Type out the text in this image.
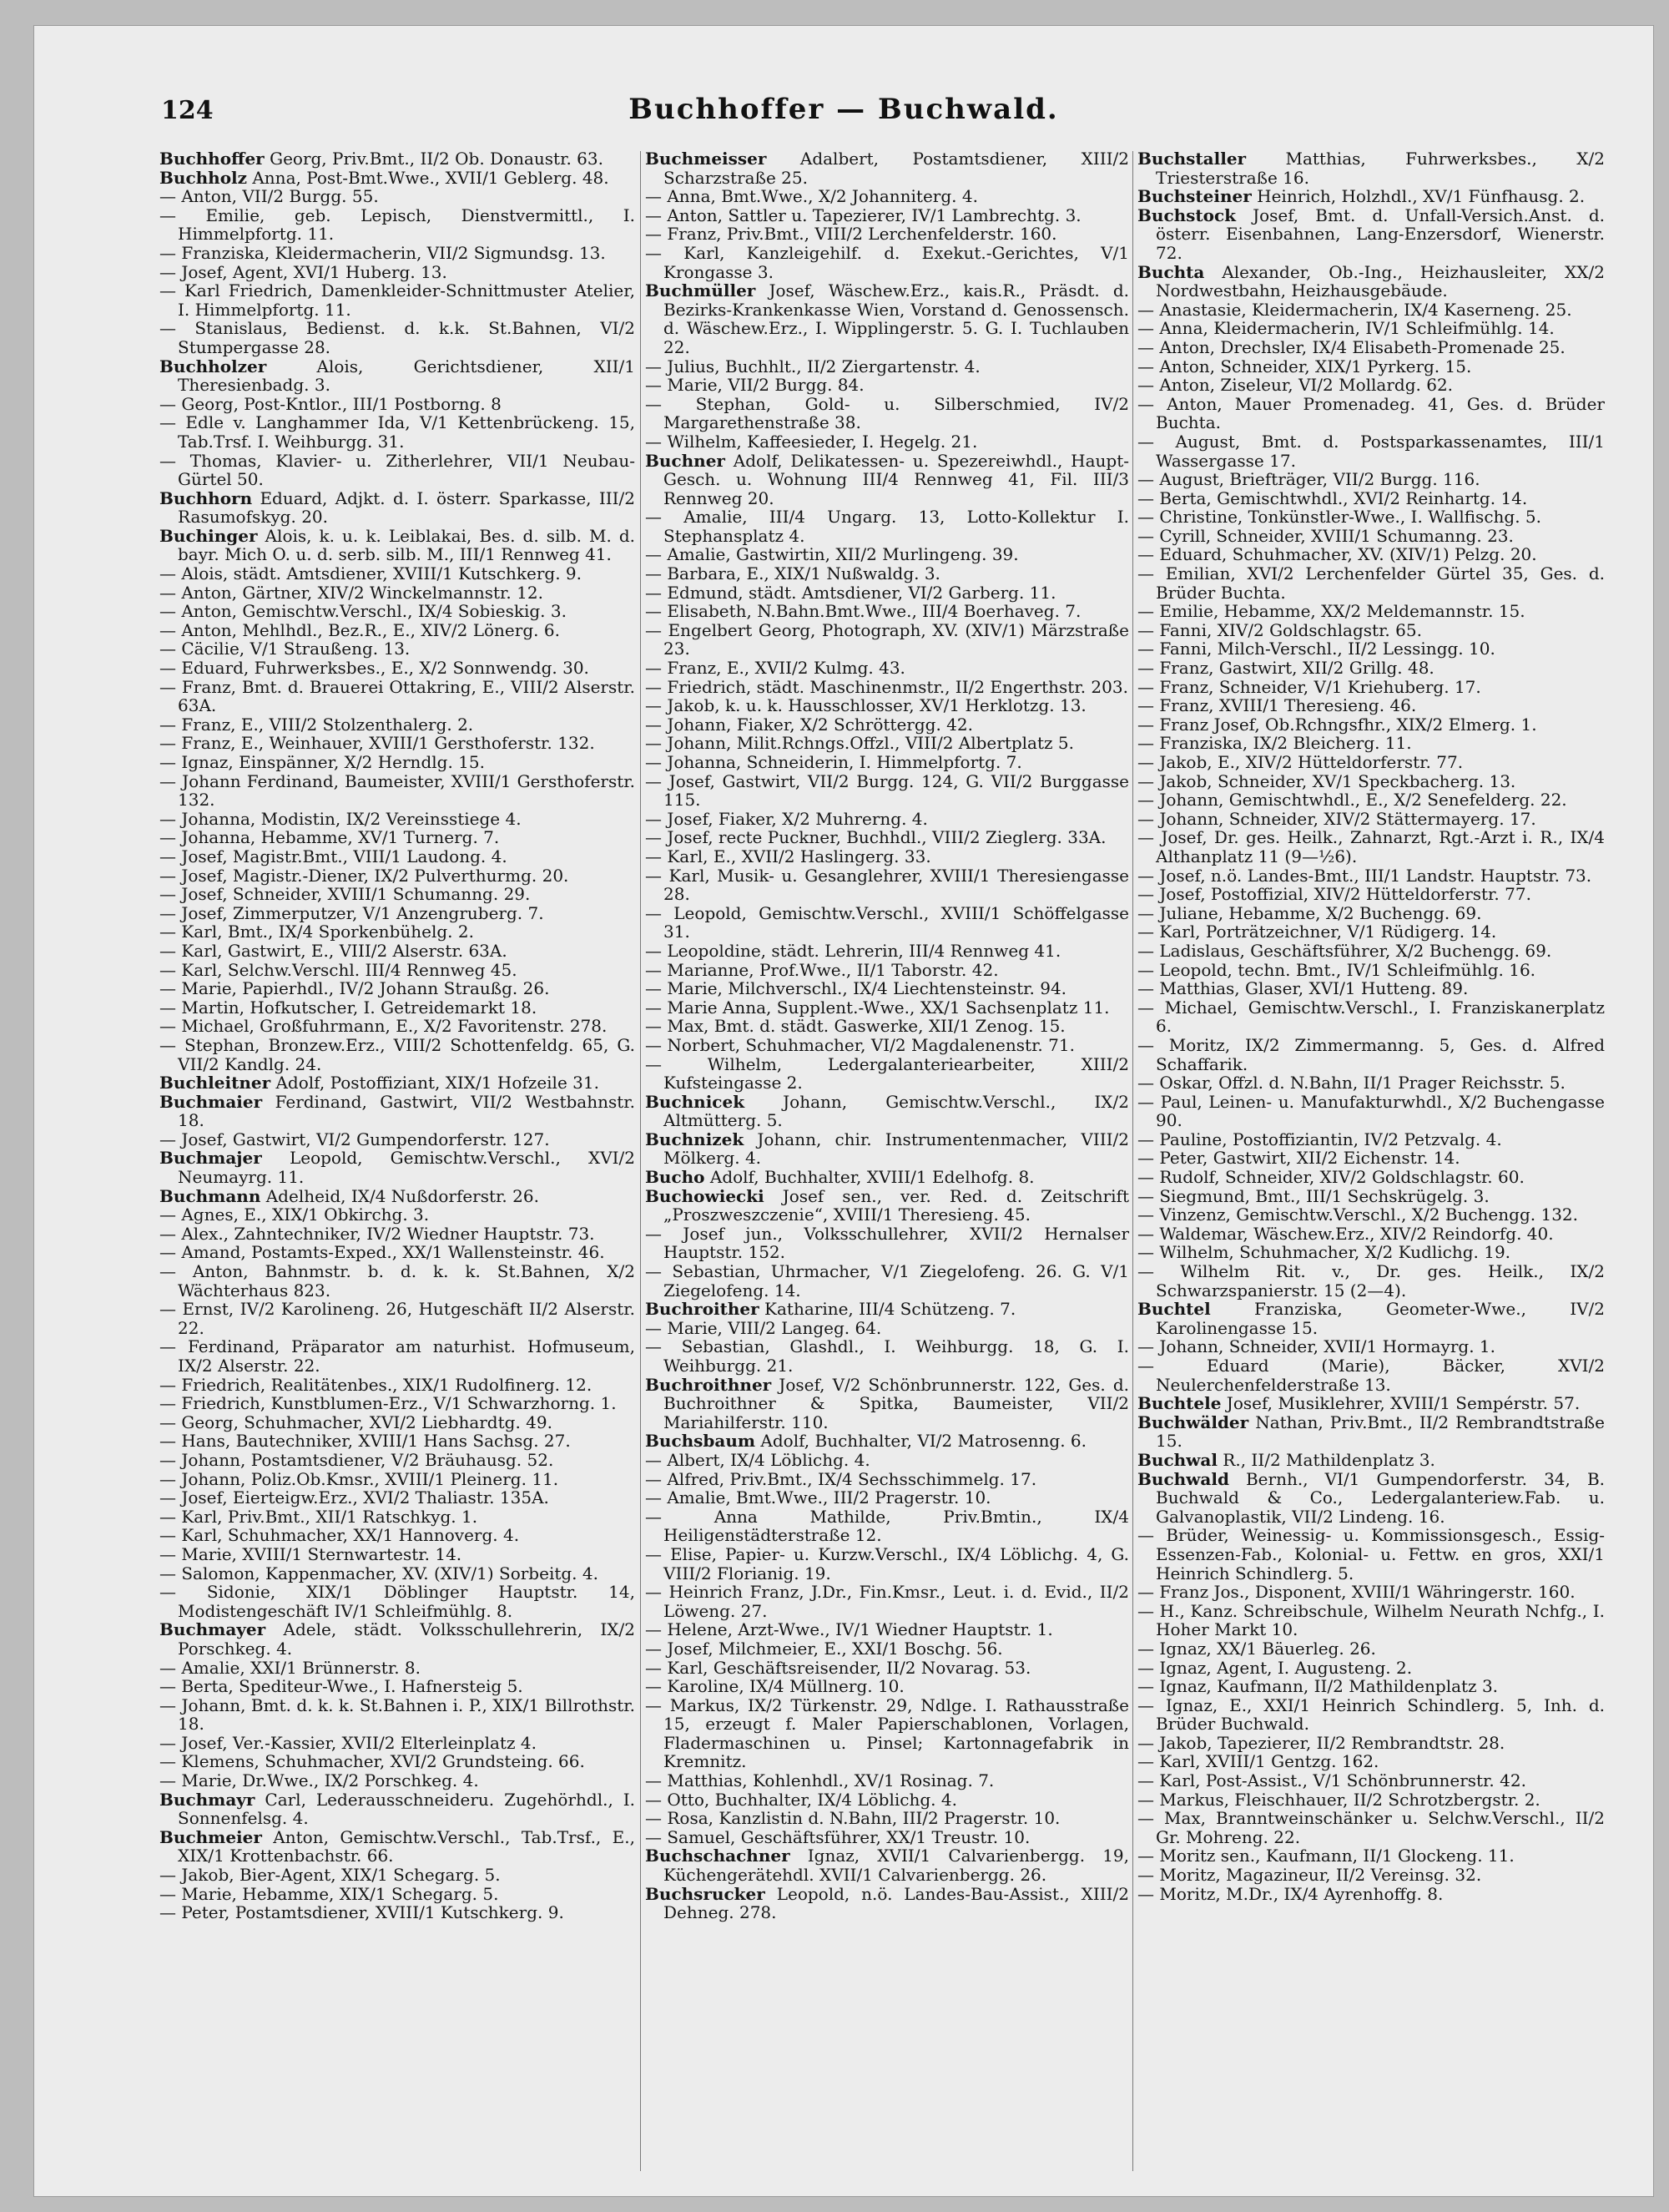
124	Buchhoffer — Buchwald.

Buchhoffer Georg, Priv.Bmt., II/2 Ob. Donaustr. 63.

Buchholz Anna, Post-Bmt.Wwe., XVII/1 Geblerg. 48.

— Anton, VII/2 Burgg. 55.

— Emilie, geb. Lepisch, Dienstvermittl., I. Himmelpfortg. 11.

— Franziska, Kleidermacherin, VII/2 Sigmundsg. 13.

— Josef, Agent, XVI/1 Huberg. 13.

— Karl Friedrich, Damenkleider-Schnittmuster Atelier, I. Himmelpfortg. 11.

— Stanislaus, Bedienst. d. k.k. St.Bahnen, VI/2 Stumpergasse 28.

Buchholzer Alois, Gerichtsdiener, XII/1 Theresienbadg. 3.

— Georg, Post-Kntlor., III/1 Postborng. 8

— Edle v. Langhammer Ida, V/1 Kettenbrückeng. 15, Tab.Trsf. I. Weihburgg. 31.

— Thomas, Klavier- u. Zitherlehrer, VII/1 Neubau-Gürtel 50.

Buchhorn Eduard, Adjkt. d. I. österr. Sparkasse, III/2 Rasumofskyg. 20.

Buchinger Alois, k. u. k. Leiblakai, Bes. d. silb. M. d. bayr. Mich O. u. d. serb. silb. M., III/1 Rennweg 41.

— Alois, städt. Amtsdiener, XVIII/1 Kutschkerg. 9.

— Anton, Gärtner, XIV/2 Winckelmannstr. 12.

— Anton, Gemischtw.Verschl., IX/4 Sobieskig. 3.

— Anton, Mehlhdl., Bez.R., E., XIV/2 Lönerg. 6.

— Cäcilie, V/1 Straußeng. 13.

— Eduard, Fuhrwerksbes., E., X/2 Sonnwendg. 30.

— Franz, Bmt. d. Brauerei Ottakring, E., VIII/2 Alserstr. 63A.

— Franz, E., VIII/2 Stolzenthalerg. 2.

— Franz, E., Weinhauer, XVIII/1 Gersthoferstr. 132.

— Ignaz, Einspänner, X/2 Herndlg. 15.

— Johann Ferdinand, Baumeister, XVIII/1 Gersthoferstr. 132.

— Johanna, Modistin, IX/2 Vereinsstiege 4.

— Johanna, Hebamme, XV/1 Turnerg. 7.

— Josef, Magistr.Bmt., VIII/1 Laudong. 4.

— Josef, Magistr.-Diener, IX/2 Pulverthurmg. 20.

— Josef, Schneider, XVIII/1 Schumanng. 29.

— Josef, Zimmerputzer, V/1 Anzengruberg. 7.

— Karl, Bmt., IX/4 Sporkenbühelg. 2.

— Karl, Gastwirt, E., VIII/2 Alserstr. 63A.

— Karl, Selchw.Verschl. III/4 Rennweg 45.

— Marie, Papierhdl., IV/2 Johann Straußg. 26.

— Martin, Hofkutscher, I. Getreidemarkt 18.

— Michael, Großfuhrmann, E., X/2 Favoritenstr. 278.

— Stephan, Bronzew.Erz., VIII/2 Schottenfeldg. 65, G. VII/2 Kandlg. 24.

Buchleitner Adolf, Postoffiziant, XIX/1 Hofzeile 31.

Buchmaier Ferdinand, Gastwirt, VII/2 Westbahnstr. 18.

— Josef, Gastwirt, VI/2 Gumpendorferstr. 127.

Buchmajer Leopold, Gemischtw.Verschl., XVI/2 Neumayrg. 11.

Buchmann Adelheid, IX/4 Nußdorferstr. 26.

— Agnes, E., XIX/1 Obkirchg. 3.

— Alex., Zahntechniker, IV/2 Wiedner Hauptstr. 73.

— Amand, Postamts-Exped., XX/1 Wallensteinstr. 46.

— Anton, Bahnmstr. b. d. k. k. St.Bahnen, X/2 Wächterhaus 823.

— Ernst, IV/2 Karolineng. 26, Hutgeschäft II/2 Alserstr. 22.

— Ferdinand, Präparator am naturhist. Hofmuseum, IX/2 Alserstr. 22.

— Friedrich, Realitätenbes., XIX/1 Rudolfinerg. 12.

— Friedrich, Kunstblumen-Erz., V/1 Schwarzhorng. 1.

— Georg, Schuhmacher, XVI/2 Liebhardtg. 49.

— Hans, Bautechniker, XVIII/1 Hans Sachsg. 27.

— Johann, Postamtsdiener, V/2 Bräuhausg. 52.

— Johann, Poliz.Ob.Kmsr., XVIII/1 Pleinerg. 11.

— Josef, Eierteigw.Erz., XVI/2 Thaliastr. 135A.

— Karl, Priv.Bmt., XII/1 Ratschkyg. 1.

— Karl, Schuhmacher, XX/1 Hannoverg. 4.

— Marie, XVIII/1 Sternwartestr. 14.

— Salomon, Kappenmacher, XV. (XIV/1) Sorbeitg. 4.

— Sidonie, XIX/1 Döblinger Hauptstr. 14, Modistengeschäft IV/1 Schleifmühlg. 8.

Buchmayer Adele, städt. Volksschullehrerin, IX/2 Porschkeg. 4.

— Amalie, XXI/1 Brünnerstr. 8.

— Berta, Spediteur-Wwe., I. Hafnersteig 5.

— Johann, Bmt. d. k. k. St.Bahnen i. P., XIX/1 Billrothstr. 18.

— Josef, Ver.-Kassier, XVII/2 Elterleinplatz 4.

— Klemens, Schuhmacher, XVI/2 Grundsteing. 66.

— Marie, Dr.Wwe., IX/2 Porschkeg. 4.

Buchmayr Carl, Lederausschneideru. Zugehörhdl., I. Sonnenfelsg. 4.

Buchmeier Anton, Gemischtw.Verschl., Tab.Trsf., E., XIX/1 Krottenbachstr. 66.

— Jakob, Bier-Agent, XIX/1 Schegarg. 5.

— Marie, Hebamme, XIX/1 Schegarg. 5.

— Peter, Postamtsdiener, XVIII/1 Kutschkerg. 9.

Buchmeisser Adalbert, Postamtsdiener, XIII/2 Scharzstraße 25.

— Anna, Bmt.Wwe., X/2 Johanniterg. 4.

— Anton, Sattler u. Tapezierer, IV/1 Lambrechtg. 3.

— Franz, Priv.Bmt., VIII/2 Lerchenfelderstr. 160.

— Karl, Kanzleigehilf. d. Exekut.-Gerichtes, V/1 Krongasse 3.

Buchmüller Josef, Wäschew.Erz., kais.R., Präsdt. d. Bezirks-Krankenkasse Wien, Vorstand d. Genossensch. d. Wäschew.Erz., I. Wipplingerstr. 5. G. I. Tuchlauben 22.

— Julius, Buchhlt., II/2 Ziergartenstr. 4.

— Marie, VII/2 Burgg. 84.

— Stephan, Gold- u. Silberschmied, IV/2 Margarethenstraße 38.

— Wilhelm, Kaffeesieder, I. Hegelg. 21.

Buchner Adolf, Delikatessen- u. Spezereiwhdl., Haupt-Gesch. u. Wohnung III/4 Rennweg 41, Fil. III/3 Rennweg 20.

— Amalie, III/4 Ungarg. 13, Lotto-Kollektur I. Stephansplatz 4.

— Amalie, Gastwirtin, XII/2 Murlingeng. 39.

— Barbara, E., XIX/1 Nußwaldg. 3.

— Edmund, städt. Amtsdiener, VI/2 Garberg. 11.

— Elisabeth, N.Bahn.Bmt.Wwe., III/4 Boerhaveg. 7.

— Engelbert Georg, Photograph, XV. (XIV/1) Märzstraße 23.

— Franz, E., XVII/2 Kulmg. 43.

— Friedrich, städt. Maschinenmstr., II/2 Engerthstr. 203.

— Jakob, k. u. k. Hausschlosser, XV/1 Herklotzg. 13.

— Johann, Fiaker, X/2 Schröttergg. 42.

— Johann, Milit.Rchngs.Offzl., VIII/2 Albertplatz 5.

— Johanna, Schneiderin, I. Himmelpfortg. 7.

— Josef, Gastwirt, VII/2 Burgg. 124, G. VII/2 Burggasse 115.

— Josef, Fiaker, X/2 Muhrerng. 4.

— Josef, recte Puckner, Buchhdl., VIII/2 Zieglerg. 33A.

— Karl, E., XVII/2 Haslingerg. 33.

— Karl, Musik- u. Gesanglehrer, XVIII/1 Theresiengasse 28.

— Leopold, Gemischtw.Verschl., XVIII/1 Schöffelgasse 31.

— Leopoldine, städt. Lehrerin, III/4 Rennweg 41.

— Marianne, Prof.Wwe., II/1 Taborstr. 42.

— Marie, Milchverschl., IX/4 Liechtensteinstr. 94.

— Marie Anna, Supplent.-Wwe., XX/1 Sachsenplatz 11.

— Max, Bmt. d. städt. Gaswerke, XII/1 Zenog. 15.

— Norbert, Schuhmacher, VI/2 Magdalenenstr. 71.

— Wilhelm, Ledergalanteriearbeiter, XIII/2 Kufsteingasse 2.

Buchnicek Johann, Gemischtw.Verschl., IX/2 Altmütterg. 5.

Buchnizek Johann, chir. Instrumentenmacher, VIII/2 Mölkerg. 4.

Bucho Adolf, Buchhalter, XVIII/1 Edelhofg. 8.

Buchowiecki Josef sen., ver. Red. d. Zeitschrift „Proszweszczenie“, XVIII/1 Theresieng. 45.

— Josef jun., Volksschullehrer, XVII/2 Hernalser Hauptstr. 152.

— Sebastian, Uhrmacher, V/1 Ziegelofeng. 26. G. V/1 Ziegelofeng. 14.

Buchroither Katharine, III/4 Schützeng. 7.

— Marie, VIII/2 Langeg. 64.

— Sebastian, Glashdl., I. Weihburgg. 18, G. I. Weihburgg. 21.

Buchroithner Josef, V/2 Schönbrunnerstr. 122, Ges. d. Buchroithner & Spitka, Baumeister, VII/2 Mariahilferstr. 110.

Buchsbaum Adolf, Buchhalter, VI/2 Matrosenng. 6.

— Albert, IX/4 Löblichg. 4.

— Alfred, Priv.Bmt., IX/4 Sechsschimmelg. 17.

— Amalie, Bmt.Wwe., III/2 Pragerstr. 10.

— Anna Mathilde, Priv.Bmtin., IX/4 Heiligenstädterstraße 12.

— Elise, Papier- u. Kurzw.Verschl., IX/4 Löblichg. 4, G. VIII/2 Florianig. 19.

— Heinrich Franz, J.Dr., Fin.Kmsr., Leut. i. d. Evid., II/2 Löweng. 27.

— Helene, Arzt-Wwe., IV/1 Wiedner Hauptstr. 1.

— Josef, Milchmeier, E., XXI/1 Boschg. 56.

— Karl, Geschäftsreisender, II/2 Novarag. 53.

— Karoline, IX/4 Müllnerg. 10.

— Markus, IX/2 Türkenstr. 29, Ndlge. I. Rathausstraße 15, erzeugt f. Maler Papierschablonen, Vorlagen, Fladermaschinen u. Pinsel; Kartonnagefabrik in Kremnitz.

— Matthias, Kohlenhdl., XV/1 Rosinag. 7.

— Otto, Buchhalter, IX/4 Löblichg. 4.

— Rosa, Kanzlistin d. N.Bahn, III/2 Pragerstr. 10.

— Samuel, Geschäftsführer, XX/1 Treustr. 10.

Buchschachner Ignaz, XVII/1 Calvarienbergg. 19, Küchengerätehdl. XVII/1 Calvarienbergg. 26.

Buchsrucker Leopold, n.ö. Landes-Bau-Assist., XIII/2 Dehneg. 278.

Buchstaller Matthias, Fuhrwerksbes., X/2 Triesterstraße 16.

Buchsteiner Heinrich, Holzhdl., XV/1 Fünfhausg. 2.

Buchstock Josef, Bmt. d. Unfall-Versich.Anst. d. österr. Eisenbahnen, Lang-Enzersdorf, Wienerstr. 72.

Buchta Alexander, Ob.-Ing., Heizhausleiter, XX/2 Nordwestbahn, Heizhausgebäude.

— Anastasie, Kleidermacherin, IX/4 Kaserneng. 25.

— Anna, Kleidermacherin, IV/1 Schleifmühlg. 14.

— Anton, Drechsler, IX/4 Elisabeth-Promenade 25.

— Anton, Schneider, XIX/1 Pyrkerg. 15.

— Anton, Ziseleur, VI/2 Mollardg. 62.

— Anton, Mauer Promenadeg. 41, Ges. d. Brüder Buchta.

— August, Bmt. d. Postsparkassenamtes, III/1 Wassergasse 17.

— August, Briefträger, VII/2 Burgg. 116.

— Berta, Gemischtwhdl., XVI/2 Reinhartg. 14.

— Christine, Tonkünstler-Wwe., I. Wallfischg. 5.

— Cyrill, Schneider, XVIII/1 Schumanng. 23.

— Eduard, Schuhmacher, XV. (XIV/1) Pelzg. 20.

— Emilian, XVI/2 Lerchenfelder Gürtel 35, Ges. d. Brüder Buchta.

— Emilie, Hebamme, XX/2 Meldemannstr. 15.

— Fanni, XIV/2 Goldschlagstr. 65.

— Fanni, Milch-Verschl., II/2 Lessingg. 10.

— Franz, Gastwirt, XII/2 Grillg. 48.

— Franz, Schneider, V/1 Kriehuberg. 17.

— Franz, XVIII/1 Theresieng. 46.

— Franz Josef, Ob.Rchngsfhr., XIX/2 Elmerg. 1.

— Franziska, IX/2 Bleicherg. 11.

— Jakob, E., XIV/2 Hütteldorferstr. 77.

— Jakob, Schneider, XV/1 Speckbacherg. 13.

— Johann, Gemischtwhdl., E., X/2 Senefelderg. 22.

— Johann, Schneider, XIV/2 Stättermayerg. 17.

— Josef, Dr. ges. Heilk., Zahnarzt, Rgt.-Arzt i. R., IX/4 Althanplatz 11 (9—½6).

— Josef, n.ö. Landes-Bmt., III/1 Landstr. Hauptstr. 73.

— Josef, Postoffizial, XIV/2 Hütteldorferstr. 77.

— Juliane, Hebamme, X/2 Buchengg. 69.

— Karl, Porträtzeichner, V/1 Rüdigerg. 14.

— Ladislaus, Geschäftsführer, X/2 Buchengg. 69.

— Leopold, techn. Bmt., IV/1 Schleifmühlg. 16.

— Matthias, Glaser, XVI/1 Hutteng. 89.

— Michael, Gemischtw.Verschl., I. Franziskanerplatz 6.

— Moritz, IX/2 Zimmermanng. 5, Ges. d. Alfred Schaffarik.

— Oskar, Offzl. d. N.Bahn, II/1 Prager Reichsstr. 5.

— Paul, Leinen- u. Manufakturwhdl., X/2 Buchengasse 90.

— Pauline, Postoffiziantin, IV/2 Petzvalg. 4.

— Peter, Gastwirt, XII/2 Eichenstr. 14.

— Rudolf, Schneider, XIV/2 Goldschlagstr. 60.

— Siegmund, Bmt., III/1 Sechskrügelg. 3.

— Vinzenz, Gemischtw.Verschl., X/2 Buchengg. 132.

— Waldemar, Wäschew.Erz., XIV/2 Reindorfg. 40.

— Wilhelm, Schuhmacher, X/2 Kudlichg. 19.

— Wilhelm Rit. v., Dr. ges. Heilk., IX/2 Schwarzspanierstr. 15 (2—4).

Buchtel Franziska, Geometer-Wwe., IV/2 Karolinengasse 15.

— Johann, Schneider, XVII/1 Hormayrg. 1.

— Eduard (Marie), Bäcker, XVI/2 Neulerchenfelderstraße 13.

Buchtele Josef, Musiklehrer, XVIII/1 Sempérstr. 57.

Buchwälder Nathan, Priv.Bmt., II/2 Rembrandtstraße 15.

Buchwal R., II/2 Mathildenplatz 3.

Buchwald Bernh., VI/1 Gumpendorferstr. 34, B. Buchwald & Co., Ledergalanteriew.Fab. u. Galvanoplastik, VII/2 Lindeng. 16.

— Brüder, Weinessig- u. Kommissionsgesch., Essig-Essenzen-Fab., Kolonial- u. Fettw. en gros, XXI/1 Heinrich Schindlerg. 5.

— Franz Jos., Disponent, XVIII/1 Währingerstr. 160.

— H., Kanz. Schreibschule, Wilhelm Neurath Nchfg., I. Hoher Markt 10.

— Ignaz, XX/1 Bäuerleg. 26.

— Ignaz, Agent, I. Augusteng. 2.

— Ignaz, Kaufmann, II/2 Mathildenplatz 3.

— Ignaz, E., XXI/1 Heinrich Schindlerg. 5, Inh. d. Brüder Buchwald.

— Jakob, Tapezierer, II/2 Rembrandtstr. 28.

— Karl, XVIII/1 Gentzg. 162.

— Karl, Post-Assist., V/1 Schönbrunnerstr. 42.

— Markus, Fleischhauer, II/2 Schrotzbergstr. 2.

— Max, Branntweinschänker u. Selchw.Verschl., II/2 Gr. Mohreng. 22.

— Moritz sen., Kaufmann, II/1 Glockeng. 11.

— Moritz, Magazineur, II/2 Vereinsg. 32.

— Moritz, M.Dr., IX/4 Ayrenhoffg. 8.
